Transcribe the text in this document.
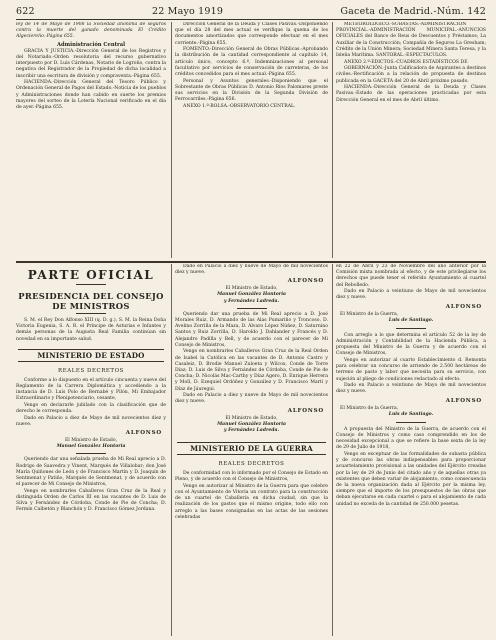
622	22 Mayo 1919	Gaceta de Madrid.-Núm. 142

ley de 14 de Mayo de 1908 la Sociedad anónima de seguros contra la muerte del ganado denominada El Crédito Algeciereño.-Página 655.

Administración Central

GRACIA Y JUSTICIA.-Dirección General de los Registros y del Notariado.-Orden resolutoria del recurso gubernativo interpuesto por D. Luis Cárdenas, Notario de Logroño, contra la negativa del Registrador de la Propiedad de dicha localidad a inscribir una escritura de división y compraventa.-Página 655.

HACIENDA.-Dirección General del Tesoro Público y Ordenación General de Pagos del Estado.-Noticia de los pueblos y Administraciones donde han cabido en suerte los premios mayores del sorteo de la Lotería Nacional verificado en el día de ayer.-Página 655.

Dirección General de la Deuda y Clases Pasivas.-Disponiendo que el día 28 del mes actual se verifique la quema de los documentos amortizados que corresponde efectuar en el mes corriente.-Página 655.

FOMENTO.-Dirección General de Obras Públicas.-Aprobando la distribución de la cantidad correspondiente al capítulo 14, artículo único, concepto 6.º, Indemnizaciones al personal facultativo por servicios de conservación de carreteras, de los créditos concedidos para el mes actual.-Página 655.

Personal y Asuntos generales.-Disponiendo que el Sobrestante de Obras Públicas D. Antonio Ríos Palomares preste sus servicios en la División de la Segunda División de Ferrocarriles.-Página 656.

ANEXO 1.º-BOLSA.-OBSERVATORIO CENTRAL.

METEOROLÓGICO.-SUBASTAS.-ADMINISTRACIÓN PROVINCIAL.-ADMINISTRACIÓN MUNICIPAL.-ANUNCIOS OFICIALES del Banco de Reus de Descuentos y Préstamos; La Auxiliar de la Construcción; Compañía de Seguros La Gresham; Crédito de la Unión Minera; Sociedad Minera Santa Teresa, y la Isleña Marítima. SANTORAL.-ESPECTÁCULOS.

ANEXO 2.º-EDICTOS.-CUADROS ESTADÍSTICOS DE

GOBERNACIÓN.-Junta Calificadora de Aspirantes a destinos civiles.-Rectificación a la relación de propuesta de destinos publicada en la GACETA del 20 de Abril próximo pasado.

HACIENDA.-Dirección General de la Deuda y Clases Pasivas.-Estado de las operaciones practicadas por esta Dirección General en el mes de Abril último.

PARTE OFICIAL
PRESIDENCIA DEL CONSEJO DE MINISTROS

S. M. el Rey Don Alfonso XIII (q. D. g.), S. M. la Reina Doña Victoria Eugenia, S. A. R. el Príncipe de Asturias e Infantes y demás personas de la Augusta Real Familia continúan sin novedad en su importante salud.

MINISTERIO DE ESTADO
REALES DECRETOS

Conforme a lo dispuesto en el artículo cincuenta y nueve del Reglamento de la Carrera Diplomática y accediendo a la instancia de D. Luis Polo de Bernabé y Pilón, Mi Embajador Extraordinario y Plenipotenciario, cesante,

Vengo en declararle jubilado con la clasificación que de derecho le corresponda.

Dado en Palacio a diez de Mayo de mil novecientos diez y nueve.

ALFONSO
El Ministro de Estado,
Manuel González Hontoria

Queriendo dar una señalada prueba de Mi Real aprecio a D. Rodrigo de Saavedra y Vinent, Marqués de Villalobar; don José María Quiñones de León y de Francisco Martín y D. Joaquín de Sentmenat y Patiño, Marqués de Sentmenat, y de acuerdo con el parecer de Mi Consejo de Ministros,

Vengo en nombrarles Caballeros Gran Cruz de la Real y distinguida Orden de Carlos III en las vacantes de D. Luis de Silva y Fernández de Córdoba, Conde de Pie de Concha; D. Fermín Calbetón y Blanchón y D. Francisco Gómez Jordana.

Dado en Palacio a diez y nueve de Mayo de mil novecientos diez y nueve.

ALFONSO
El Ministro de Estado,
Manuel González Hontoria
y Fernández Ladreda.

Queriendo dar una prueba de Mi Real aprecio a D. José Morales Ruiz, D. Armando de las Alas Pumariño y Troncoso, D. Avelino Zorrilla de la Maza, D. Álvaro López Núñez, D. Saturnino Santos y Ruiz Zorrilla, D. Haroldo J. Dahlander y Francés y D. Alejandro Padilla y Bell, y de acuerdo con el parecer de Mi Consejo de Ministros,

Vengo en nombrarles Caballeros Gran Cruz de la Real Orden de Isabel la Católica en las vacantes de D. Antonio Castro y Casaleiz, D. Brodie Manuel Zuloeta y Wilcox, Conde de Torre Díaz; D. Luis de Silva y Fernández de Córdoba, Conde de Pie de Concha; D. Nicolás Mac-Carthy y Díaz Agero, D. Enrique Herrera y Moll, D. Ezequiel Ordóñez y González y D. Francisco Martí y Díaz de Jáuregui.

Dado en Palacio a diez y nueve de Mayo de mil novecientos diez y nueve.

ALFONSO
El Ministro de Estado,
Manuel González Hontoria
y Fernández Ladreda.
MINISTERIO DE LA GUERRA
REALES DECRETOS

De conformidad con lo informado por el Consejo de Estado en Pleno, y de acuerdo con el Consejo de Ministros,

Vengo en autorizar al Ministro de la Guerra para que celebre con el Ayuntamiento de Vitoria un contrato para la construcción de un cuartel de Caballería en dicha ciudad, sin que la realización de los gastos que el mismo origine, todo ello con arreglo a las bases consignadas en las actas de las sesiones celebradas

en 22 de Abril y 23 de Noviembre del año anterior por la Comisión mixta nombrada al efecto, y de este privilegiarse los derechos que puede tener el referido Ayuntamiento al cuartel del Rebolledo.

Dado en Palacio a veintiuno de Mayo de mil novecientos diez y nueve.

ALFONSO
El Ministro de la Guerra,
Luis de Santiago.

Con arreglo a lo que determina el artículo 52 de la ley de Administración y Contabilidad de la Hacienda Pública, a propuesta del Ministro de la Guerra y de acuerdo con el Consejo de Ministros,

Vengo en autorizar al cuarto Establecimiento d. Remonta para celebrar un concurso de arriendo de 2.500 hectáreas de terreno de pasto y labor que necesita para su servicio, con sujeción al pliego de condiciones redactado al efecto.

Dado en Palacio a veintiuno de Mayo de mil novecientos diez y nueve.

ALFONSO
El Ministro de la Guerra,
Luis de Santiago.

A propuesta del Ministro de la Guerra, de acuerdo con el Consejo de Ministros y como caso comprendido en los de necesidad excepcional a que se refiere la base sexta de la ley de 29 de Julio de 1918,

Vengo en exceptuar de las formalidades de subasta pública y de concurso las obras indispensables para proporcionar acuartelamiento provisional a las unidades del Ejército creadas por la ley de 29 de Junio del citado año y de aquellas otras ya existentes que deben variar de alojamiento, como consecuencia de la nueva organización dada al Ejército por la misma ley, siempre que el importe de los presupuestos de las obras que deban ejecutarse en cada cuartel o para el alojamiento de cada unidad no exceda de la cantidad de 250.000 pesetas.
